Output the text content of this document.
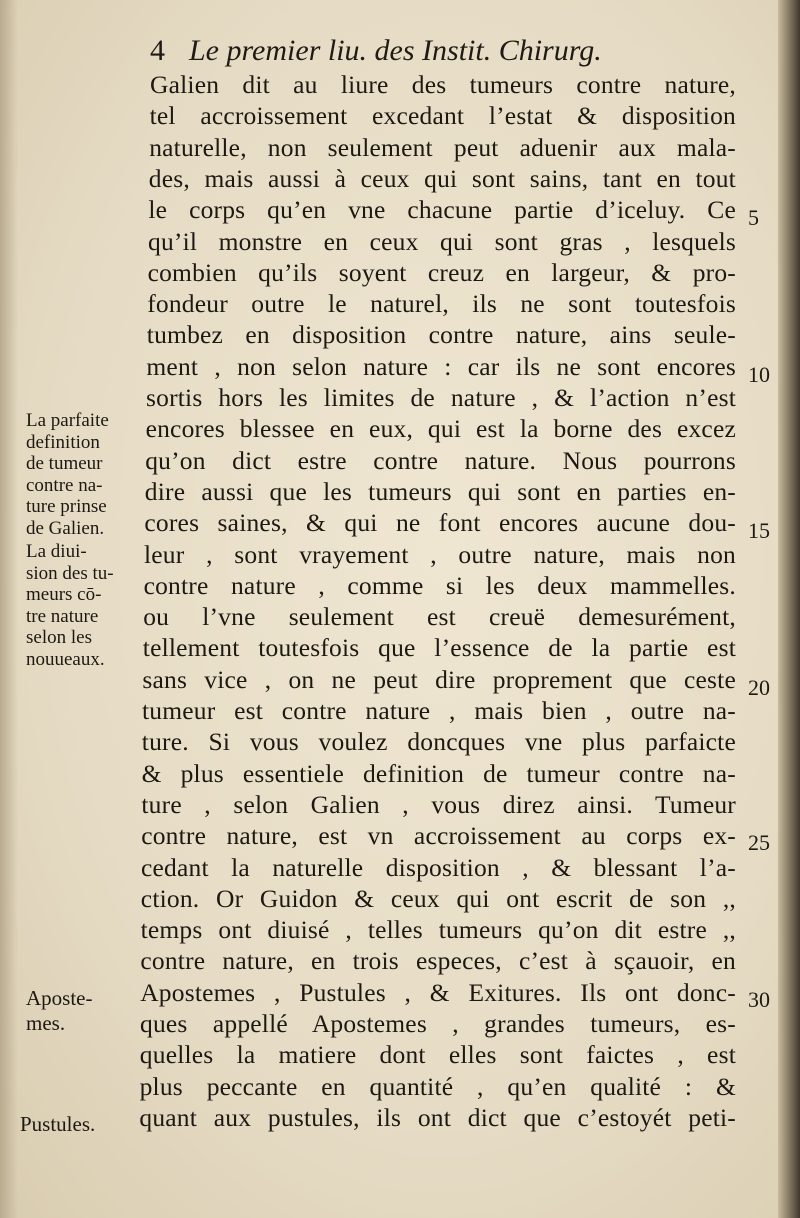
4 Le premier liu. des Instit. Chirurg.
Galien dit au liure des tumeurs contre nature,
tel accroissement excedant l’estat & disposition
naturelle, non seulement peut aduenir aux mala-
des, mais aussi à ceux qui sont sains, tant en tout
le corps qu’en vne chacune partie d’iceluy. Ce
qu’il monstre en ceux qui sont gras , lesquels
combien qu’ils soyent creuz en largeur, & pro-
fondeur outre le naturel, ils ne sont toutesfois
tumbez en disposition contre nature, ains seule-
ment , non selon nature : car ils ne sont encores
sortis hors les limites de nature , & l’action n’est
encores blessee en eux, qui est la borne des excez
qu’on dict estre contre nature. Nous pourrons
dire aussi que les tumeurs qui sont en parties en-
cores saines, & qui ne font encores aucune dou-
leur , sont vrayement , outre nature, mais non
contre nature , comme si les deux mammelles.
ou l’vne seulement est creuë demesurément,
tellement toutesfois que l’essence de la partie est
sans vice , on ne peut dire proprement que ceste
tumeur est contre nature , mais bien , outre na-
ture. Si vous voulez doncques vne plus parfaicte
& plus essentiele definition de tumeur contre na-
ture , selon Galien , vous direz ainsi. Tumeur
contre nature, est vn accroissement au corps ex-
cedant la naturelle disposition , & blessant l’a-
ction. Or Guidon & ceux qui ont escrit de son ,,
temps ont diuisé , telles tumeurs qu’on dit estre ,,
contre nature, en trois especes, c’est à sçauoir, en
Apostemes , Pustules , & Exitures. Ils ont donc-
ques appellé Apostemes , grandes tumeurs, es-
quelles la matiere dont elles sont faictes , est
plus peccante en quantité , qu’en qualité : &
quant aux pustules, ils ont dict que c’estoyét peti-
5
10
15
20
25
30
La parfaite
definition
de tumeur
contre na-
ture prinse
de Galien.
La diui-
sion des tu-
meurs cō-
tre nature
selon les
nouueaux.
Aposte-
mes.
Pustules.
